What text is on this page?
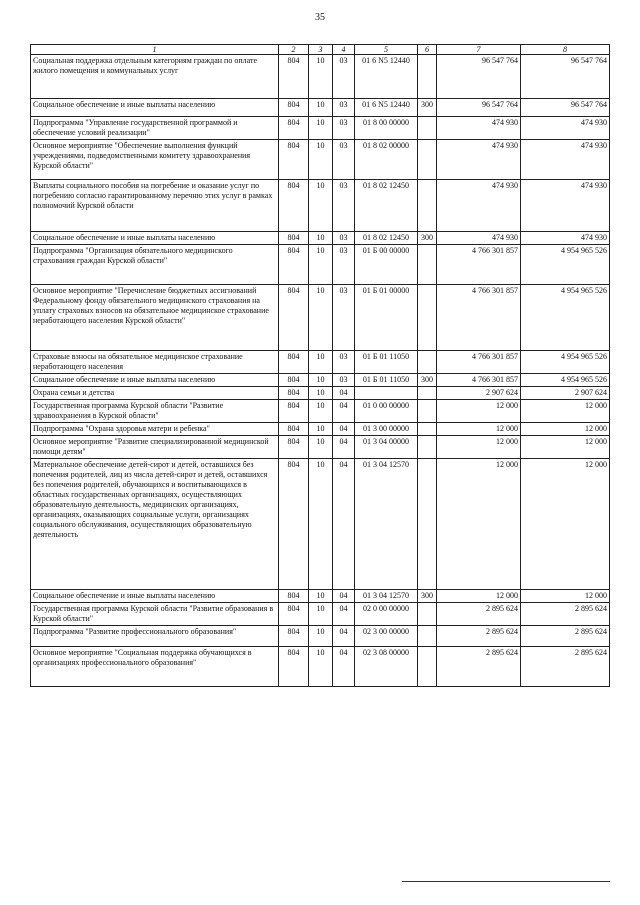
35
1	2	3	4	5	6	7	8
Социальная поддержка отдельным категориям граждан по оплате жилого помещения и коммунальных услуг	804	10	03	01 6 N5 12440		96 547 764	96 547 764
Социальное обеспечение и иные выплаты населению	804	10	03	01 6 N5 12440	300	96 547 764	96 547 764
Подпрограмма "Управление государственной программой и обеспечение условий реализации"	804	10	03	01 8 00 00000		474 930	474 930
Основное мероприятие "Обеспечение выполнения функций учреждениями, подведомственными комитету здравоохранения Курской области"	804	10	03	01 8 02 00000		474 930	474 930
Выплаты социального пособия на погребение и оказание услуг по погребению согласно гарантированному перечню этих услуг в рамках полномочий Курской области	804	10	03	01 8 02 12450		474 930	474 930
Социальное обеспечение и иные выплаты населению	804	10	03	01 8 02 12450	300	474 930	474 930
Подпрограмма "Организация обязательного медицинского страхования граждан Курской области"	804	10	03	01 Б 00 00000		4 766 301 857	4 954 965 526
Основное мероприятие "Перечисление бюджетных ассигнований Федеральному фонду обязательного медицинского страхования на уплату страховых взносов на обязательное медицинское страхование неработающего населения Курской области"	804	10	03	01 Б 01 00000		4 766 301 857	4 954 965 526
Страховые взносы на обязательное медицинское страхование неработающего населения	804	10	03	01 Б 01 11050		4 766 301 857	4 954 965 526
Социальное обеспечение и иные выплаты населению	804	10	03	01 Б 01 11050	300	4 766 301 857	4 954 965 526
Охрана семьи и детства	804	10	04			2 907 624	2 907 624
Государственная программа Курской области "Развитие здравоохранения в Курской области"	804	10	04	01 0 00 00000		12 000	12 000
Подпрограмма "Охрана здоровья матери и ребенка"	804	10	04	01 3 00 00000		12 000	12 000
Основное мероприятие "Развитие специализированной медицинской помощи детям"	804	10	04	01 3 04 00000		12 000	12 000
Материальное обеспечение детей-сирот и детей, оставшихся без попечения родителей, лиц из числа детей-сирот и детей, оставшихся без попечения родителей, обучающихся и воспитывающихся в областных государственных организациях, осуществляющих образовательную деятельность, медицинских организациях, организациях, оказывающих социальные услуги, организациях социального обслуживания, осуществляющих образовательную деятельность	804	10	04	01 3 04 12570		12 000	12 000
Социальное обеспечение и иные выплаты населению	804	10	04	01 3 04 12570	300	12 000	12 000
Государственная программа Курской области "Развитие образования в Курской области"	804	10	04	02 0 00 00000		2 895 624	2 895 624
Подпрограмма "Развитие профессионального образования"	804	10	04	02 3 00 00000		2 895 624	2 895 624
Основное мероприятие "Социальная поддержка обучающихся в организациях профессионального образования"	804	10	04	02 3 08 00000		2 895 624	2 895 624
